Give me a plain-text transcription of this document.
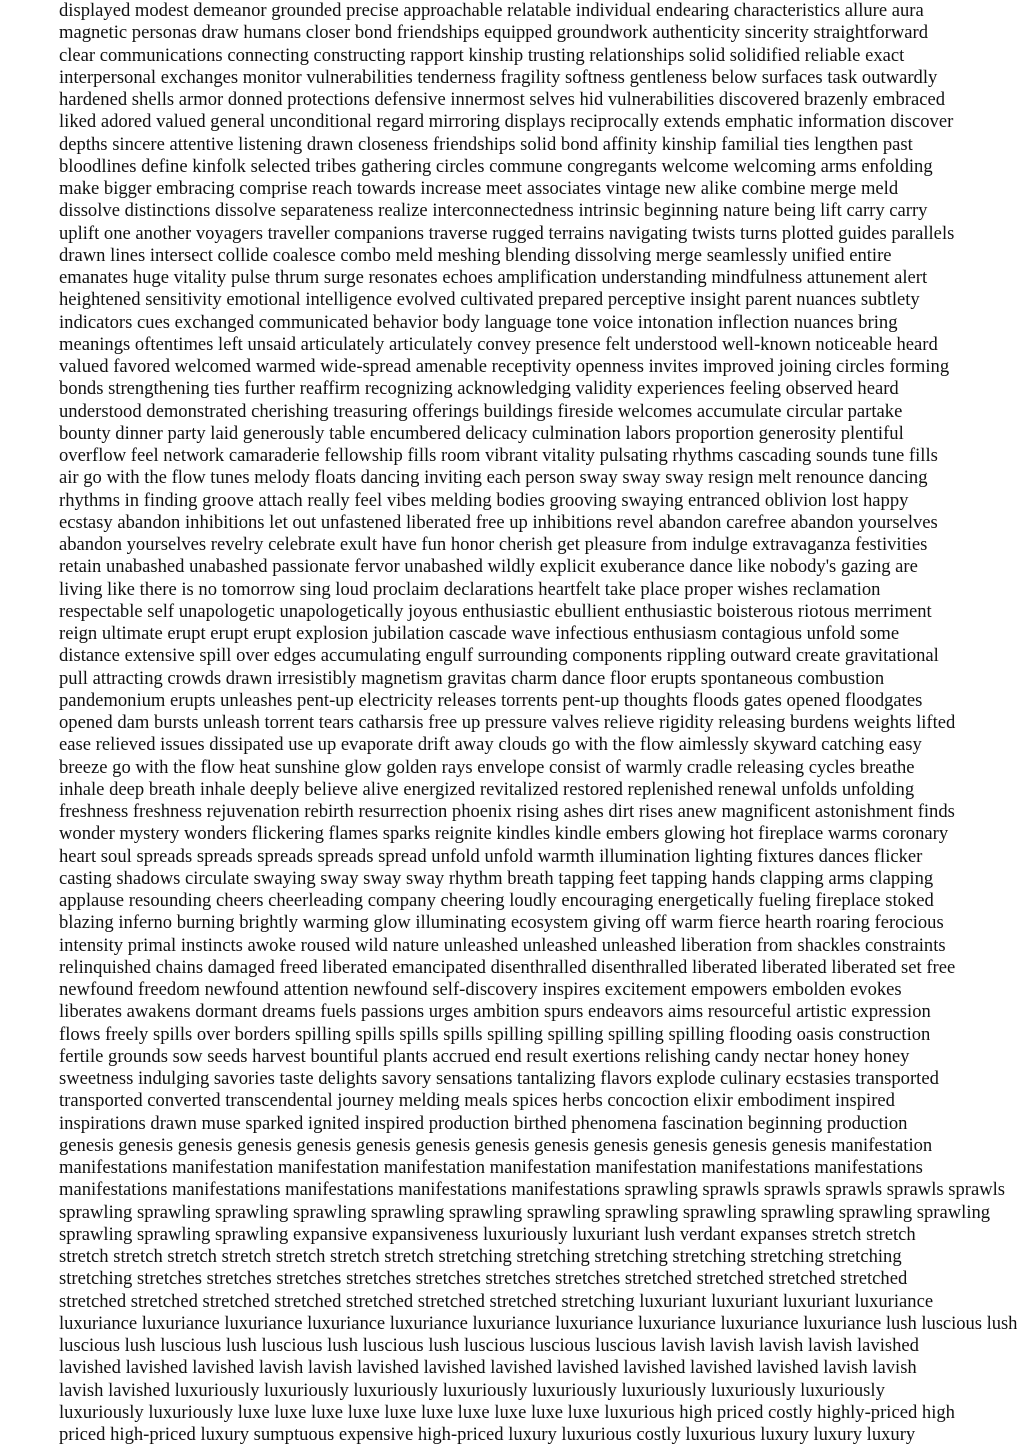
displayed modest demeanor grounded precise approachable relatable individual endearing characteristics allure aura
magnetic personas draw humans closer bond friendships equipped groundwork authenticity sincerity straightforward
clear communications connecting constructing rapport kinship trusting relationships solid solidified reliable exact
interpersonal exchanges monitor vulnerabilities tenderness fragility softness gentleness below surfaces task outwardly
hardened shells armor donned protections defensive innermost selves hid vulnerabilities discovered brazenly embraced
liked adored valued general unconditional regard mirroring displays reciprocally extends emphatic information discover
depths sincere attentive listening drawn closeness friendships solid bond affinity kinship familial ties lengthen past
bloodlines define kinfolk selected tribes gathering circles commune congregants welcome welcoming arms enfolding
make bigger embracing comprise reach towards increase meet associates vintage new alike combine merge meld
dissolve distinctions dissolve separateness realize interconnectedness intrinsic beginning nature being lift carry carry
uplift one another voyagers traveller companions traverse rugged terrains navigating twists turns plotted guides parallels
drawn lines intersect collide coalesce combo meld meshing blending dissolving merge seamlessly unified entire
emanates huge vitality pulse thrum surge resonates echoes amplification understanding mindfulness attunement alert
heightened sensitivity emotional intelligence evolved cultivated prepared perceptive insight parent nuances subtlety
indicators cues exchanged communicated behavior body language tone voice intonation inflection nuances bring
meanings oftentimes left unsaid articulately articulately convey presence felt understood well-known noticeable heard
valued favored welcomed warmed wide-spread amenable receptivity openness invites improved joining circles forming
bonds strengthening ties further reaffirm recognizing acknowledging validity experiences feeling observed heard
understood demonstrated cherishing treasuring offerings buildings fireside welcomes accumulate circular partake
bounty dinner party laid generously table encumbered delicacy culmination labors proportion generosity plentiful
overflow feel network camaraderie fellowship fills room vibrant vitality pulsating rhythms cascading sounds tune fills
air go with the flow tunes melody floats dancing inviting each person sway sway sway resign melt renounce dancing
rhythms in finding groove attach really feel vibes melding bodies grooving swaying entranced oblivion lost happy
ecstasy abandon inhibitions let out unfastened liberated free up inhibitions revel abandon carefree abandon yourselves
abandon yourselves revelry celebrate exult have fun honor cherish get pleasure from indulge extravaganza festivities
retain unabashed unabashed passionate fervor unabashed wildly explicit exuberance dance like nobody's gazing are
living like there is no tomorrow sing loud proclaim declarations heartfelt take place proper wishes reclamation
respectable self unapologetic unapologetically joyous enthusiastic ebullient enthusiastic boisterous riotous merriment
reign ultimate erupt erupt erupt explosion jubilation cascade wave infectious enthusiasm contagious unfold some
distance extensive spill over edges accumulating engulf surrounding components rippling outward create gravitational
pull attracting crowds drawn irresistibly magnetism gravitas charm dance floor erupts spontaneous combustion
pandemonium erupts unleashes pent-up electricity releases torrents pent-up thoughts floods gates opened floodgates
opened dam bursts unleash torrent tears catharsis free up pressure valves relieve rigidity releasing burdens weights lifted
ease relieved issues dissipated use up evaporate drift away clouds go with the flow aimlessly skyward catching easy
breeze go with the flow heat sunshine glow golden rays envelope consist of warmly cradle releasing cycles breathe
inhale deep breath inhale deeply believe alive energized revitalized restored replenished renewal unfolds unfolding
freshness freshness rejuvenation rebirth resurrection phoenix rising ashes dirt rises anew magnificent astonishment finds
wonder mystery wonders flickering flames sparks reignite kindles kindle embers glowing hot fireplace warms coronary
heart soul spreads spreads spreads spreads spread unfold unfold warmth illumination lighting fixtures dances flicker
casting shadows circulate swaying sway sway sway rhythm breath tapping feet tapping hands clapping arms clapping
applause resounding cheers cheerleading company cheering loudly encouraging energetically fueling fireplace stoked
blazing inferno burning brightly warming glow illuminating ecosystem giving off warm fierce hearth roaring ferocious
intensity primal instincts awoke roused wild nature unleashed unleashed unleashed liberation from shackles constraints
relinquished chains damaged freed liberated emancipated disenthralled disenthralled liberated liberated liberated set free
newfound freedom newfound attention newfound self-discovery inspires excitement empowers embolden evokes
liberates awakens dormant dreams fuels passions urges ambition spurs endeavors aims resourceful artistic expression
flows freely spills over borders spilling spills spills spills spilling spilling spilling spilling flooding oasis construction
fertile grounds sow seeds harvest bountiful plants accrued end result exertions relishing candy nectar honey honey
sweetness indulging savories taste delights savory sensations tantalizing flavors explode culinary ecstasies transported
transported converted transcendental journey melding meals spices herbs concoction elixir embodiment inspired
inspirations drawn muse sparked ignited inspired production birthed phenomena fascination beginning production
genesis genesis genesis genesis genesis genesis genesis genesis genesis genesis genesis genesis genesis manifestation
manifestations manifestation manifestation manifestation manifestation manifestation manifestations manifestations
manifestations manifestations manifestations manifestations manifestations sprawling sprawls sprawls sprawls sprawls sprawls
sprawling sprawling sprawling sprawling sprawling sprawling sprawling sprawling sprawling sprawling sprawling sprawling
sprawling sprawling sprawling expansive expansiveness luxuriously luxuriant lush verdant expanses stretch stretch
stretch stretch stretch stretch stretch stretch stretch stretching stretching stretching stretching stretching stretching
stretching stretches stretches stretches stretches stretches stretches stretches stretched stretched stretched stretched
stretched stretched stretched stretched stretched stretched stretched stretching luxuriant luxuriant luxuriant luxuriance
luxuriance luxuriance luxuriance luxuriance luxuriance luxuriance luxuriance luxuriance luxuriance luxuriance lush luscious lush
luscious lush luscious lush luscious lush luscious lush luscious luscious luscious lavish lavish lavish lavish lavished
lavished lavished lavished lavish lavish lavished lavished lavished lavished lavished lavished lavished lavish lavish
lavish lavished luxuriously luxuriously luxuriously luxuriously luxuriously luxuriously luxuriously luxuriously
luxuriously luxuriously luxe luxe luxe luxe luxe luxe luxe luxe luxe luxe luxurious high priced costly highly-priced high
priced high-priced luxury sumptuous expensive high-priced luxury luxurious costly luxurious luxury luxury luxury
